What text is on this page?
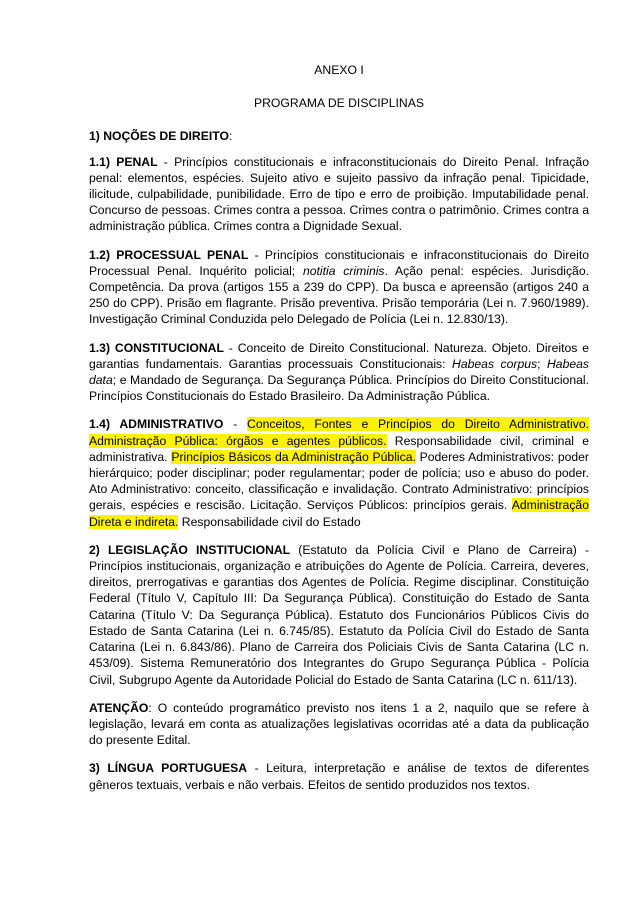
ANEXO I

PROGRAMA DE DISCIPLINAS

1) NOÇÕES DE DIREITO:

1.1) PENAL - Princípios constitucionais e infraconstitucionais do Direito Penal. Infração penal: elementos, espécies. Sujeito ativo e sujeito passivo da infração penal. Tipicidade, ilicitude, culpabilidade, punibilidade. Erro de tipo e erro de proibição. Imputabilidade penal. Concurso de pessoas. Crimes contra a pessoa. Crimes contra o patrimônio. Crimes contra a administração pública. Crimes contra a Dignidade Sexual.

1.2) PROCESSUAL PENAL - Princípios constitucionais e infraconstitucionais do Direito Processual Penal. Inquérito policial; notitia criminis. Ação penal: espécies. Jurisdição. Competência. Da prova (artigos 155 a 239 do CPP). Da busca e apreensão (artigos 240 a 250 do CPP). Prisão em flagrante. Prisão preventiva. Prisão temporária (Lei n. 7.960/1989). Investigação Criminal Conduzida pelo Delegado de Polícia (Lei n. 12.830/13).

1.3) CONSTITUCIONAL - Conceito de Direito Constitucional. Natureza. Objeto. Direitos e garantias fundamentais. Garantias processuais Constitucionais: Habeas corpus; Habeas data; e Mandado de Segurança. Da Segurança Pública. Princípios do Direito Constitucional. Princípios Constitucionais do Estado Brasileiro. Da Administração Pública.

1.4) ADMINISTRATIVO - Conceitos, Fontes e Princípios do Direito Administrativo. Administração Pública: órgãos e agentes públicos. Responsabilidade civil, criminal e administrativa. Princípios Básicos da Administração Pública. Poderes Administrativos: poder hierárquico; poder disciplinar; poder regulamentar; poder de polícia; uso e abuso do poder. Ato Administrativo: conceito, classificação e invalidação. Contrato Administrativo: princípios gerais, espécies e rescisão. Licitação. Serviços Públicos: princípios gerais. Administração Direta e indireta. Responsabilidade civil do Estado

2) LEGISLAÇÃO INSTITUCIONAL (Estatuto da Polícia Civil e Plano de Carreira) - Princípios institucionais, organização e atribuições do Agente de Polícia. Carreira, deveres, direitos, prerrogativas e garantias dos Agentes de Polícia. Regime disciplinar. Constituição Federal (Título V, Capítulo III: Da Segurança Pública). Constituição do Estado de Santa Catarina (Título V: Da Segurança Pública). Estatuto dos Funcionários Públicos Civis do Estado de Santa Catarina (Lei n. 6.745/85). Estatuto da Polícia Civil do Estado de Santa Catarina (Lei n. 6.843/86). Plano de Carreira dos Policiais Civis de Santa Catarina (LC n. 453/09). Sistema Remuneratório dos Integrantes do Grupo Segurança Pública - Polícia Civil, Subgrupo Agente da Autoridade Policial do Estado de Santa Catarina (LC n. 611/13).

ATENÇÃO: O conteúdo programático previsto nos itens 1 a 2, naquilo que se refere à legislação, levará em conta as atualizações legislativas ocorridas até a data da publicação do presente Edital.

3) LÍNGUA PORTUGUESA - Leitura, interpretação e análise de textos de diferentes gêneros textuais, verbais e não verbais. Efeitos de sentido produzidos nos textos.
